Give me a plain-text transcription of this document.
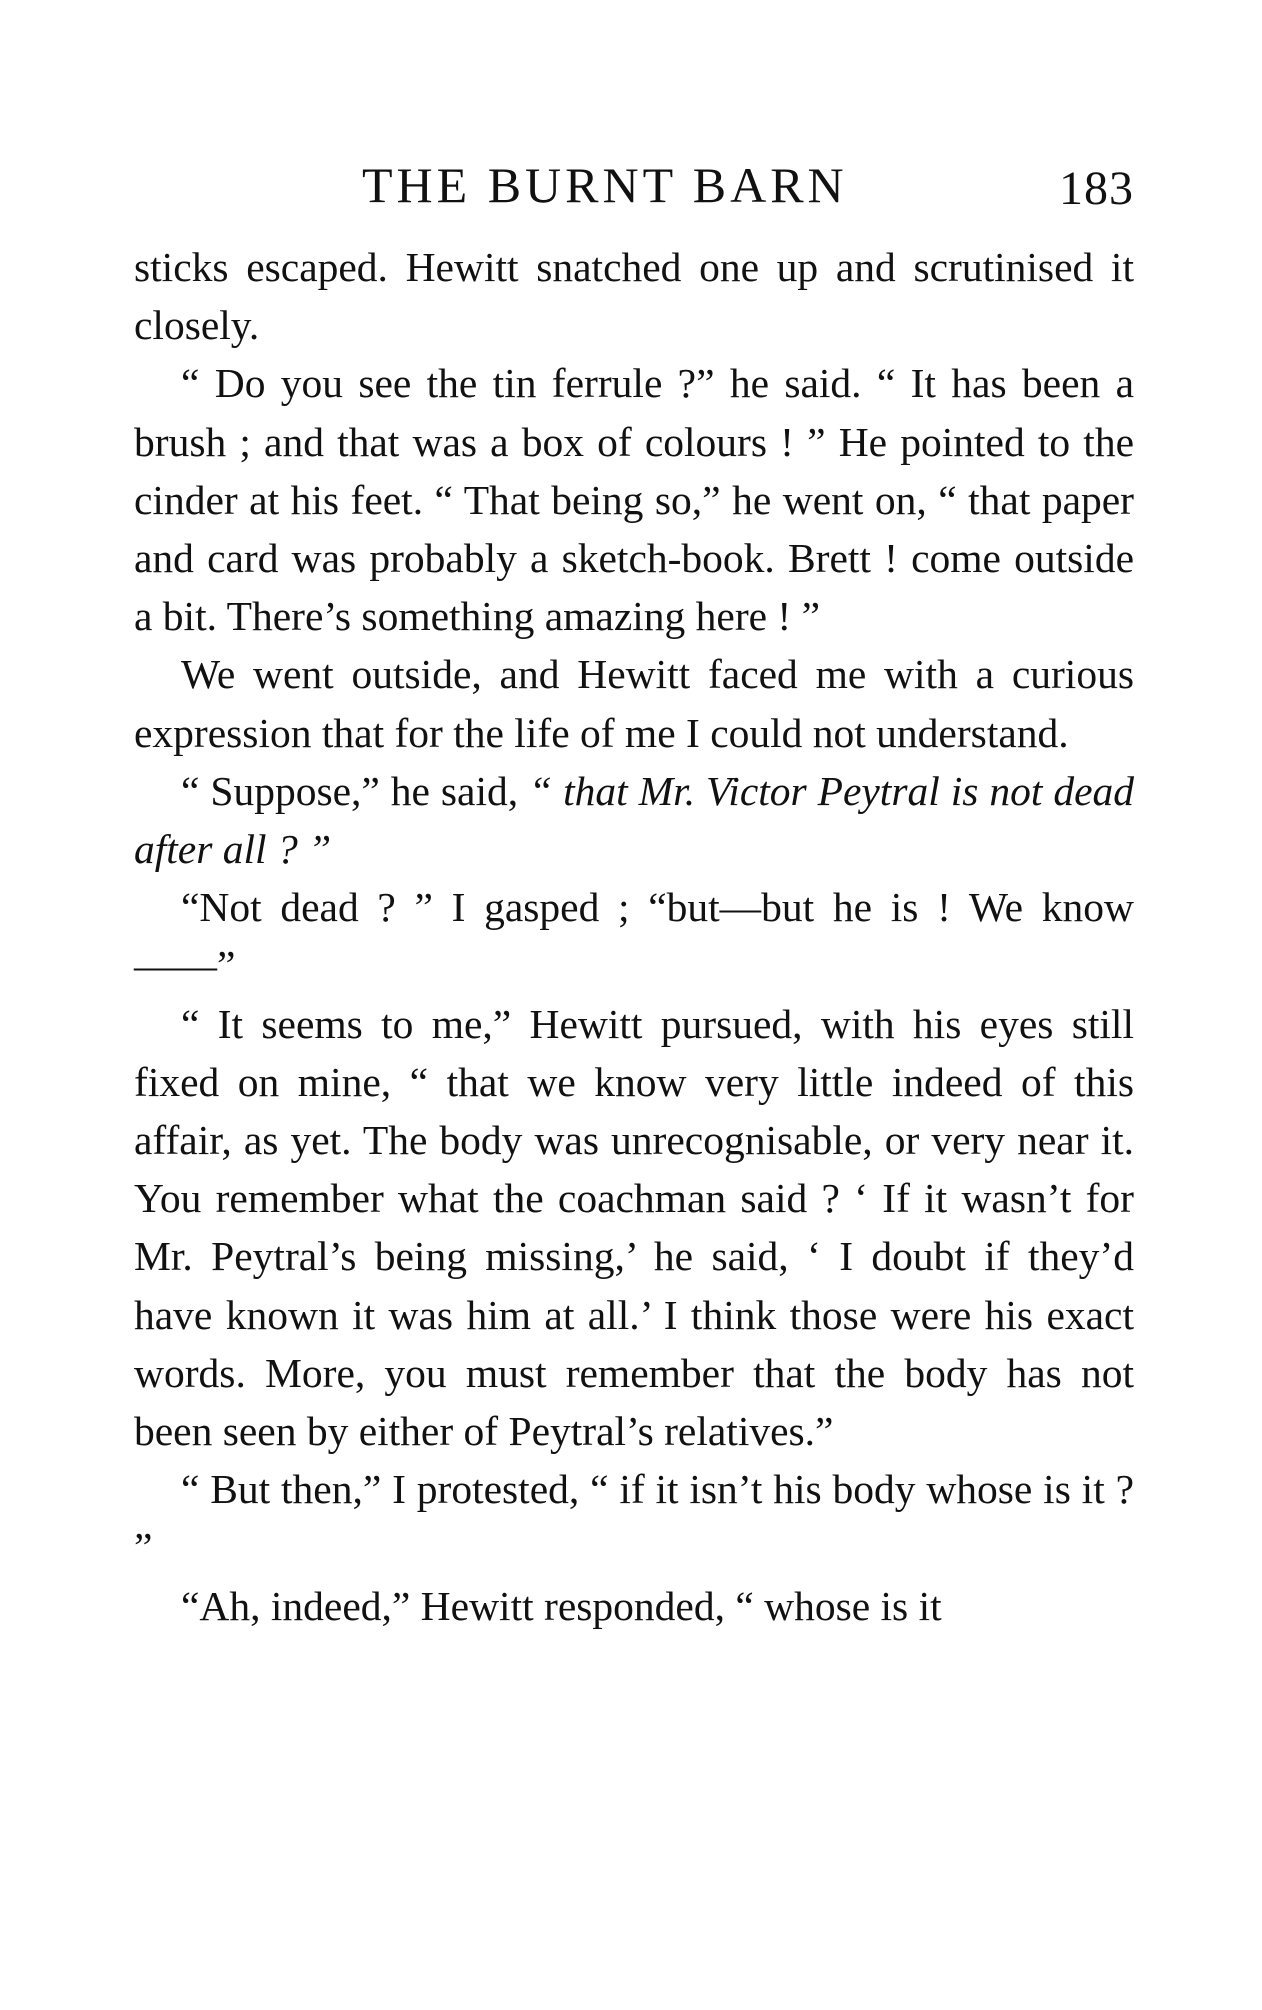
THE BURNT BARN	183

sticks escaped. Hewitt snatched one up and scrutinised it closely.

“ Do you see the tin ferrule ?” he said. “ It has been a brush ; and that was a box of colours ! ” He pointed to the cinder at his feet. “ That being so,” he went on, “ that paper and card was probably a sketch-book. Brett ! come outside a bit. There’s something amazing here ! ”

We went outside, and Hewitt faced me with a curious expression that for the life of me I could not understand.

“ Suppose,” he said, “ that Mr. Victor Peytral is not dead after all ? ”

“Not dead ? ” I gasped ; “but—but he is ! We know——”

“ It seems to me,” Hewitt pursued, with his eyes still fixed on mine, “ that we know very little indeed of this affair, as yet. The body was unrecognisable, or very near it. You remember what the coachman said ? ‘ If it wasn’t for Mr. Peytral’s being missing,’ he said, ‘ I doubt if they’d have known it was him at all.’ I think those were his exact words. More, you must remember that the body has not been seen by either of Peytral’s relatives.”

“ But then,” I protested, “ if it isn’t his body whose is it ? ”

“Ah, indeed,” Hewitt responded, “ whose is it
